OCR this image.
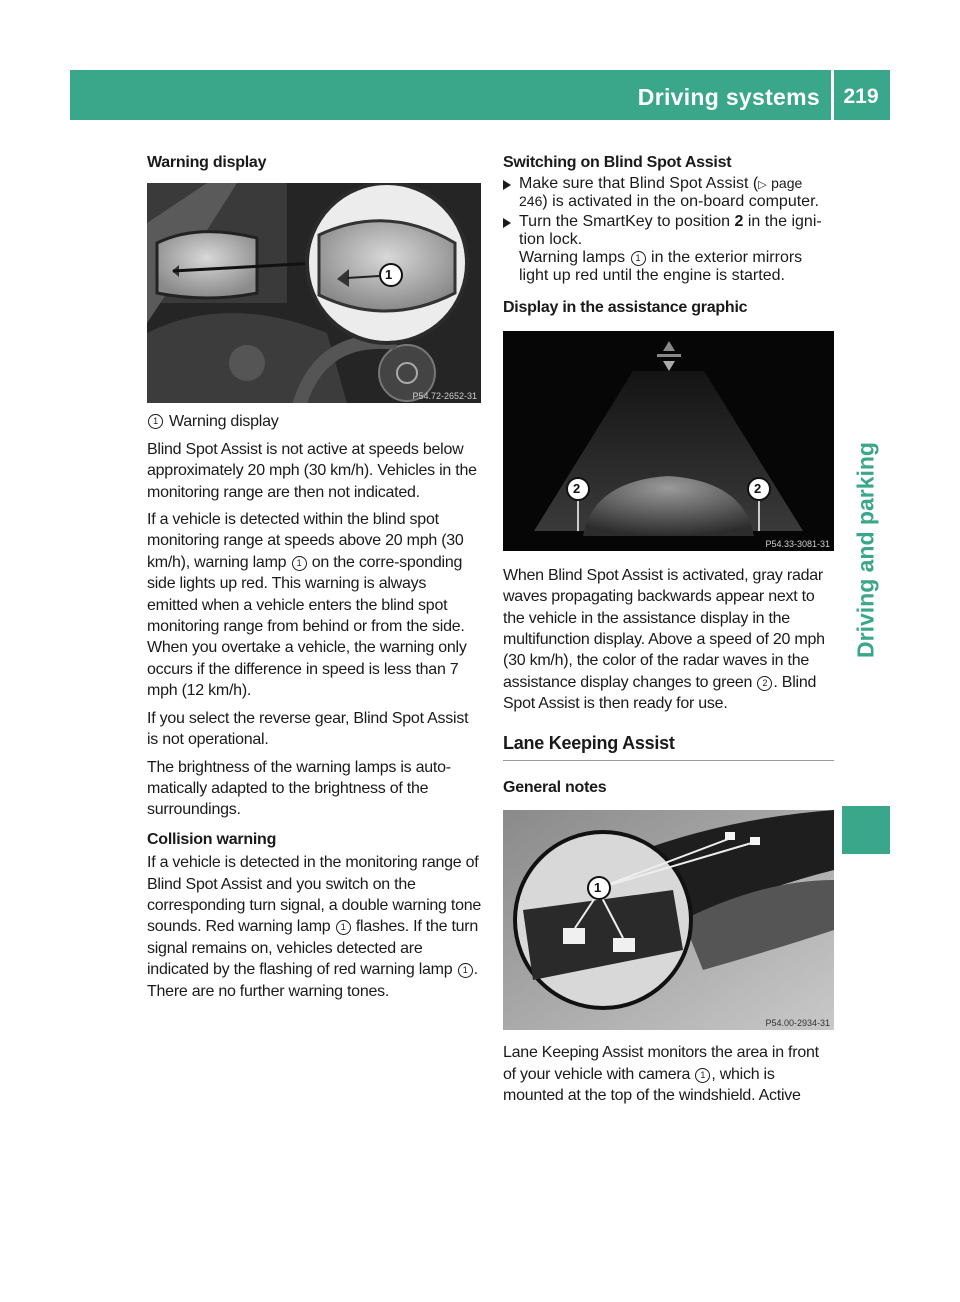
Driving systems 219
Driving and parking
Warning display
1
P54.72-2652-31

1 Warning display

Blind Spot Assist is not active at speeds below approximately 20 mph (30 km/h). Vehicles in the monitoring range are then not indicated.

If a vehicle is detected within the blind spot monitoring range at speeds above 20 mph (30 km/h), warning lamp 1 on the corre-sponding side lights up red. This warning is always emitted when a vehicle enters the blind spot monitoring range from behind or from the side. When you overtake a vehicle, the warning only occurs if the difference in speed is less than 7 mph (12 km/h).

If you select the reverse gear, Blind Spot Assist is not operational.

The brightness of the warning lamps is auto-matically adapted to the brightness of the surroundings.

Collision warning

If a vehicle is detected in the monitoring range of Blind Spot Assist and you switch on the corresponding turn signal, a double warning tone sounds. Red warning lamp 1 flashes. If the turn signal remains on, vehicles detected are indicated by the flashing of red warning lamp 1 . There are no further warning tones.

Switching on Blind Spot Assist
Make sure that Blind Spot Assist (▷ page 246) is activated in the on-board computer.
Turn the SmartKey to position 2 in the igni-tion lock.
Warning lamps 1 in the exterior mirrors light up red until the engine is started.
Display in the assistance graphic
2	2
P54.33-3081-31

When Blind Spot Assist is activated, gray radar waves propagating backwards appear next to the vehicle in the assistance display in the multifunction display. Above a speed of 20 mph (30 km/h), the color of the radar waves in the assistance display changes to green 2 . Blind Spot Assist is then ready for use.

Lane Keeping Assist
General notes
1
P54.00-2934-31

Lane Keeping Assist monitors the area in front of your vehicle with camera 1 , which is mounted at the top of the windshield. Active
